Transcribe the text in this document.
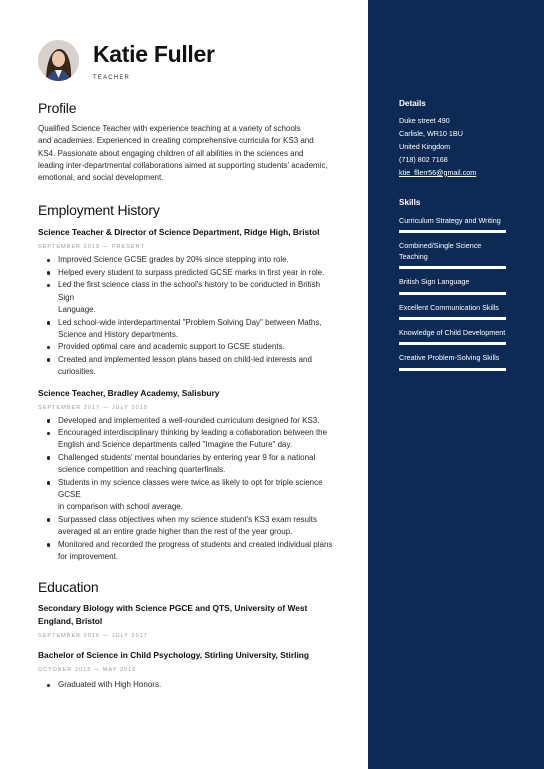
Katie Fuller
TEACHER
Profile
Qualified Science Teacher with experience teaching at a variety of schools
and academies. Experienced in creating comprehensive curricula for KS3 and
KS4. Passionate about engaging children of all abilities in the sciences and
leading inter-departmental collaborations aimed at supporting students' academic,
emotional, and social development.
Employment History
Science Teacher & Director of Science Department, Ridge High, Bristol
SEPTEMBER 2019 — PRESENT
Improved Science GCSE grades by 20% since stepping into role.
Helped every student to surpass predicted GCSE marks in first year in role.
Led the first science class in the school's history to be conducted in British Sign
Language.
Led school-wide interdepartmental "Problem Solving Day" between Maths,
Science and History departments.
Provided optimal care and academic support to GCSE students.
Created and implemented lesson plans based on child-led interests and
curiosities.
Science Teacher, Bradley Academy, Salisbury
SEPTEMBER 2017 — JULY 2019
Developed and implemented a well-rounded curriculum designed for KS3.
Encouraged interdisciplinary thinking by leading a collaboration between the
English and Science departments called "Imagine the Future" day.
Challenged students' mental boundaries by entering year 9 for a national
science competition and reaching quarterfinals.
Students in my science classes were twice as likely to opt for triple science GCSE
in comparison with school average.
Surpassed class objectives when my science student's KS3 exam results
averaged at an entire grade higher than the rest of the year group.
Monitored and recorded the progress of students and created individual plans
for improvement.
Education
Secondary Biology with Science PGCE and QTS, University of West
England, Bristol
SEPTEMBER 2016 — JULY 2017
Bachelor of Science in Child Psychology, Stirling University, Stirling
OCTOBER 2013 — MAY 2016
Graduated with High Honors.
Details
Duke street 490
Carlisle, WR10 1BU
United Kingdom
(718) 802 7168
ktie_fllerr56@gmail.com
Skills
Curriculum Strategy and Writing
Combined/Single Science
Teaching
British Sign Language
Excellent Communication Skills
Knowledge of Child Development
Creative Problem-Solving Skills
